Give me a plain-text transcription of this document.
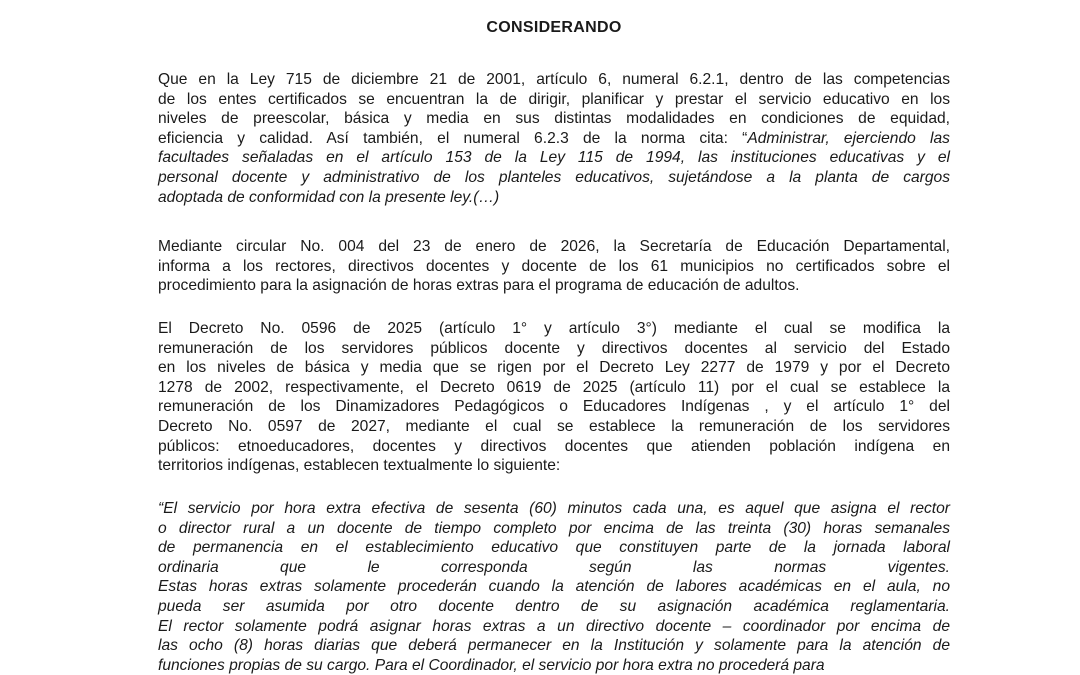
CONSIDERANDO
Que en la Ley 715 de diciembre 21 de 2001, artículo 6, numeral 6.2.1, dentro de las competencias
de los entes certificados se encuentran la de dirigir, planificar y prestar el servicio educativo en los
niveles de preescolar, básica y media en sus distintas modalidades en condiciones de equidad,
eficiencia y calidad. Así también, el numeral 6.2.3 de la norma cita: “Administrar, ejerciendo las
facultades señaladas en el artículo 153 de la Ley 115 de 1994, las instituciones educativas y el
personal docente y administrativo de los planteles educativos, sujetándose a la planta de cargos
adoptada de conformidad con la presente ley.(…)
Mediante circular No. 004 del 23 de enero de 2026, la Secretaría de Educación Departamental,
informa a los rectores, directivos docentes y docente de los 61 municipios no certificados sobre el
procedimiento para la asignación de horas extras para el programa de educación de adultos.
El Decreto No. 0596 de 2025 (artículo 1° y artículo 3°) mediante el cual se modifica la
remuneración de los servidores públicos docente y directivos docentes al servicio del Estado
en los niveles de básica y media que se rigen por el Decreto Ley 2277 de 1979 y por el Decreto
1278 de 2002, respectivamente, el Decreto 0619 de 2025 (artículo 11) por el cual se establece la
remuneración de los Dinamizadores Pedagógicos o Educadores Indígenas , y el artículo 1° del
Decreto No. 0597 de 2027, mediante el cual se establece la remuneración de los servidores
públicos: etnoeducadores, docentes y directivos docentes que atienden población indígena en
territorios indígenas, establecen textualmente lo siguiente:
“El servicio por hora extra efectiva de sesenta (60) minutos cada una, es aquel que asigna el rector
o director rural a un docente de tiempo completo por encima de las treinta (30) horas semanales
de permanencia en el establecimiento educativo que constituyen parte de la jornada laboral
ordinaria que le corresponda según las normas vigentes.
Estas horas extras solamente procederán cuando la atención de labores académicas en el aula, no
pueda ser asumida por otro docente dentro de su asignación académica reglamentaria.
El rector solamente podrá asignar horas extras a un directivo docente – coordinador por encima de
las ocho (8) horas diarias que deberá permanecer en la Institución y solamente para la atención de
funciones propias de su cargo. Para el Coordinador, el servicio por hora extra no procederá para
